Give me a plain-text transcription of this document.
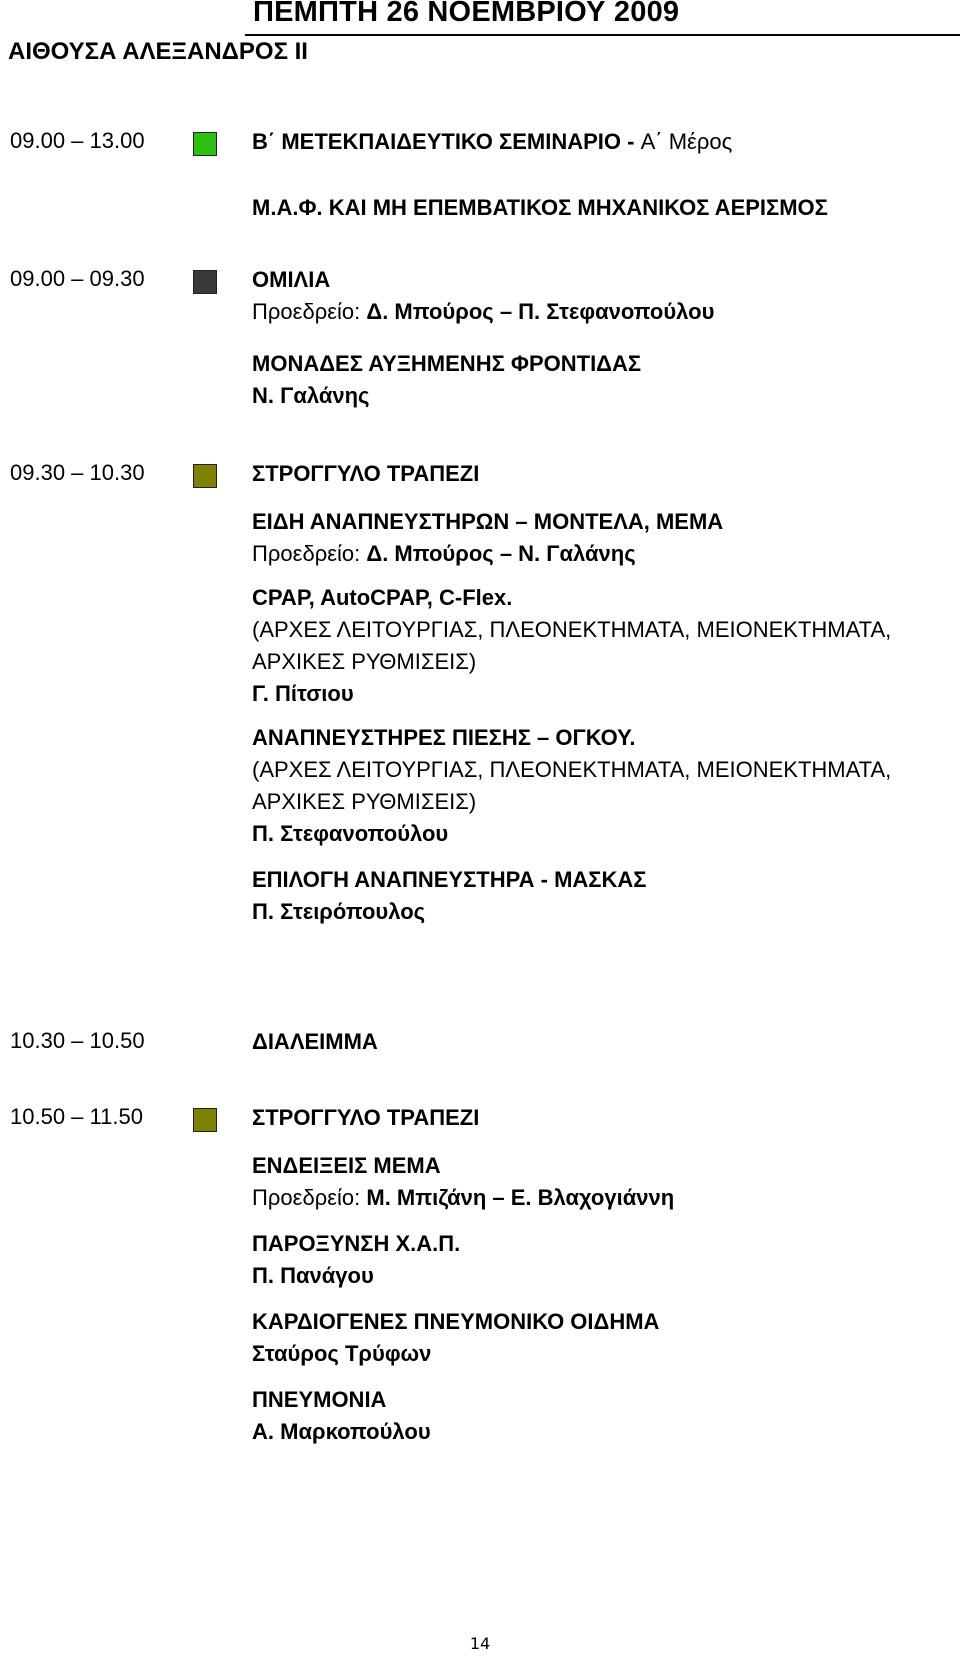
ΠΕΜΠΤΗ 26 ΝΟΕΜΒΡΙΟΥ 2009
ΑΙΘΟΥΣΑ ΑΛΕΞΑΝΔΡΟΣ ΙΙ
09.00 – 13.00	Β΄ ΜΕΤΕΚΠΑΙΔΕΥΤΙΚΟ ΣΕΜΙΝΑΡΙΟ - Α΄ Μέρος
Μ.Α.Φ. ΚΑΙ ΜΗ ΕΠΕΜΒΑΤΙΚΟΣ ΜΗΧΑΝΙΚΟΣ ΑΕΡΙΣΜΟΣ
09.00 – 09.30	ΟΜΙΛΙΑ
Προεδρείο: Δ. Μπούρος – Π. Στεφανοπούλου
ΜΟΝΑΔΕΣ ΑΥΞΗΜΕΝΗΣ ΦΡΟΝΤΙΔΑΣ
Ν. Γαλάνης
09.30 – 10.30	ΣΤΡΟΓΓΥΛΟ ΤΡΑΠΕΖΙ
ΕΙΔΗ ΑΝΑΠΝΕΥΣΤΗΡΩΝ – ΜΟΝΤΕΛΑ, ΜΕΜΑ
Προεδρείο: Δ. Μπούρος – Ν. Γαλάνης
CPAP, AutoCPAP, C-Flex.
(ΑΡΧΕΣ ΛΕΙΤΟΥΡΓΙΑΣ, ΠΛΕΟΝΕΚΤΗΜΑΤΑ, ΜΕΙΟΝΕΚΤΗΜΑΤΑ,
ΑΡΧΙΚΕΣ ΡΥΘΜΙΣΕΙΣ)
Γ. Πίτσιου
ΑΝΑΠΝΕΥΣΤΗΡΕΣ ΠΙΕΣΗΣ – ΟΓΚΟΥ.
(ΑΡΧΕΣ ΛΕΙΤΟΥΡΓΙΑΣ, ΠΛΕΟΝΕΚΤΗΜΑΤΑ, ΜΕΙΟΝΕΚΤΗΜΑΤΑ,
ΑΡΧΙΚΕΣ ΡΥΘΜΙΣΕΙΣ)
Π. Στεφανοπούλου
ΕΠΙΛΟΓΗ ΑΝΑΠΝΕΥΣΤΗΡΑ - ΜΑΣΚΑΣ
Π. Στειρόπουλος
10.30 – 10.50	ΔΙΑΛΕΙΜΜΑ
10.50 – 11.50	ΣΤΡΟΓΓΥΛΟ ΤΡΑΠΕΖΙ
ΕΝΔΕΙΞΕΙΣ ΜΕΜΑ
Προεδρείο: Μ. Μπιζάνη – Ε. Βλαχογιάννη
ΠΑΡΟΞΥΝΣΗ Χ.Α.Π.
Π. Πανάγου
ΚΑΡΔΙΟΓΕΝΕΣ ΠΝΕΥΜΟΝΙΚΟ ΟΙΔΗΜΑ
Σταύρος Τρύφων
ΠΝΕΥΜΟΝΙΑ
Α. Μαρκοπούλου
14
